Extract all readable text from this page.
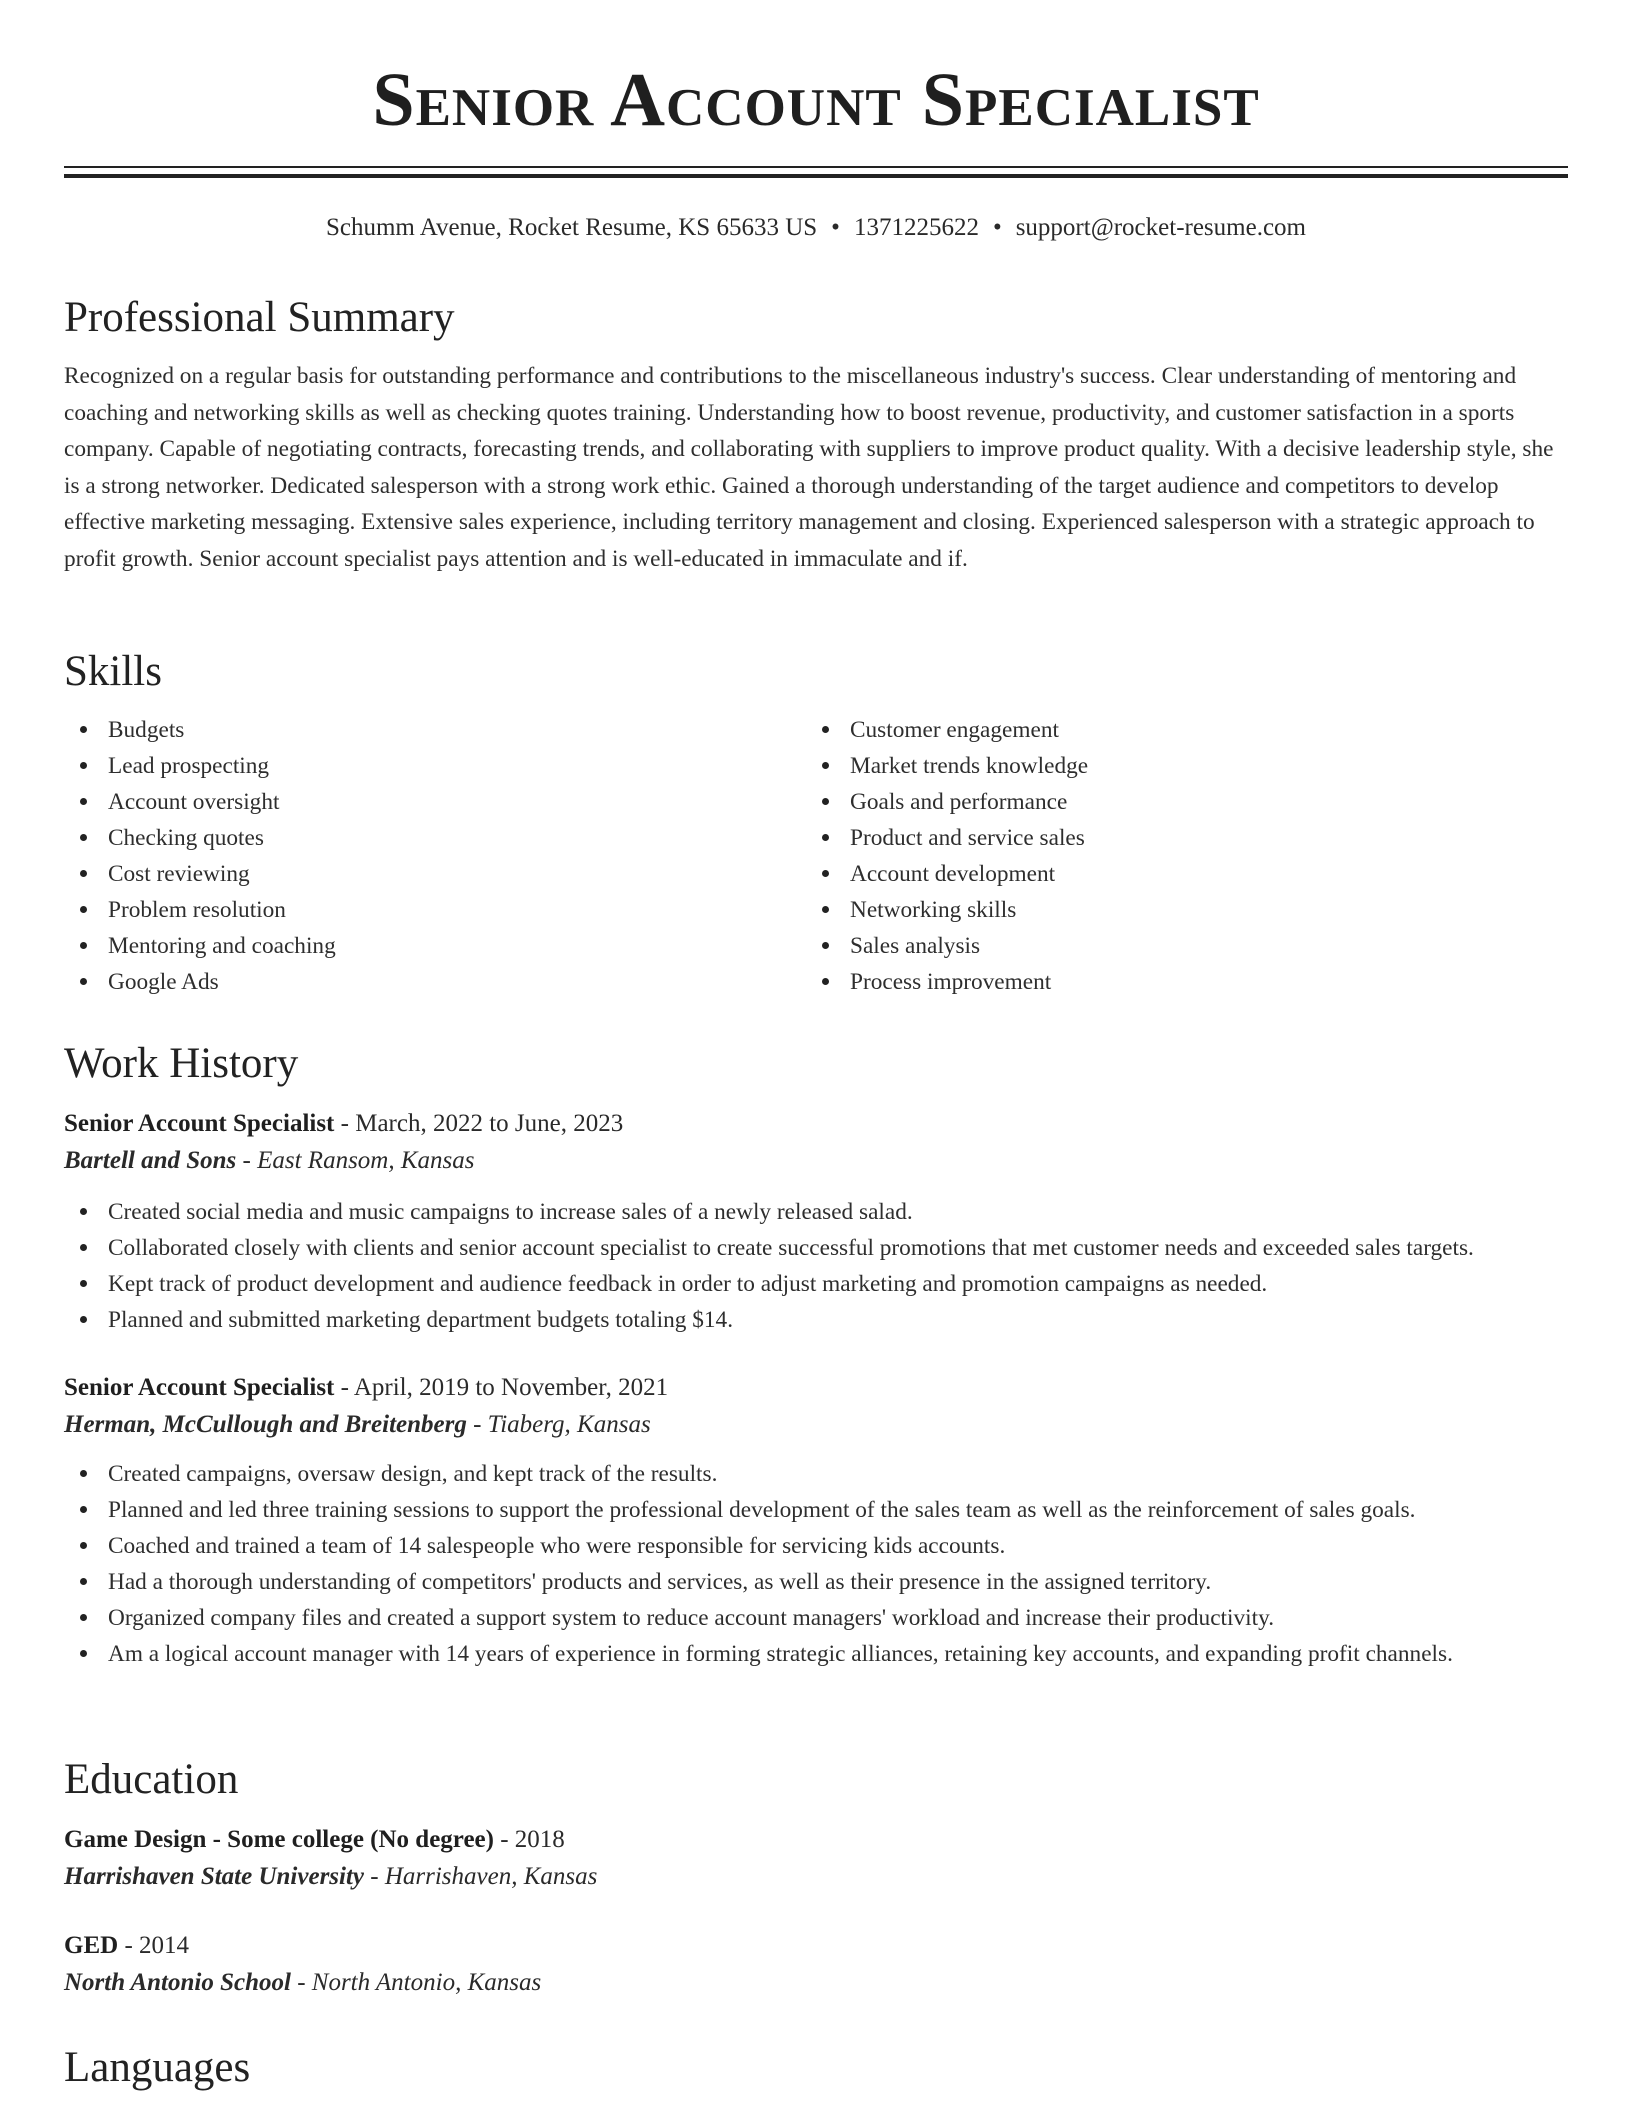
Senior Account Specialist
Schumm Avenue, Rocket Resume, KS 65633 US • 1371225622 • support@rocket-resume.com
Professional Summary

Recognized on a regular basis for outstanding performance and contributions to the miscellaneous industry's success. Clear understanding of mentoring and coaching and networking skills as well as checking quotes training. Understanding how to boost revenue, productivity, and customer satisfaction in a sports company. Capable of negotiating contracts, forecasting trends, and collaborating with suppliers to improve product quality. With a decisive leadership style, she is a strong networker. Dedicated salesperson with a strong work ethic. Gained a thorough understanding of the target audience and competitors to develop effective marketing messaging. Extensive sales experience, including territory management and closing. Experienced salesperson with a strategic approach to profit growth. Senior account specialist pays attention and is well-educated in immaculate and if.

Skills
Budgets
Lead prospecting
Account oversight
Checking quotes
Cost reviewing
Problem resolution
Mentoring and coaching
Google Ads
Customer engagement
Market trends knowledge
Goals and performance
Product and service sales
Account development
Networking skills
Sales analysis
Process improvement
Work History
Senior Account Specialist - March, 2022 to June, 2023
Bartell and Sons - East Ransom, Kansas
Created social media and music campaigns to increase sales of a newly released salad.
Collaborated closely with clients and senior account specialist to create successful promotions that met customer needs and exceeded sales targets.
Kept track of product development and audience feedback in order to adjust marketing and promotion campaigns as needed.
Planned and submitted marketing department budgets totaling $14.
Senior Account Specialist - April, 2019 to November, 2021
Herman, McCullough and Breitenberg - Tiaberg, Kansas
Created campaigns, oversaw design, and kept track of the results.
Planned and led three training sessions to support the professional development of the sales team as well as the reinforcement of sales goals.
Coached and trained a team of 14 salespeople who were responsible for servicing kids accounts.
Had a thorough understanding of competitors' products and services, as well as their presence in the assigned territory.
Organized company files and created a support system to reduce account managers' workload and increase their productivity.
Am a logical account manager with 14 years of experience in forming strategic alliances, retaining key accounts, and expanding profit channels.
Education
Game Design - Some college (No degree) - 2018
Harrishaven State University - Harrishaven, Kansas
GED - 2014
North Antonio School - North Antonio, Kansas
Languages
